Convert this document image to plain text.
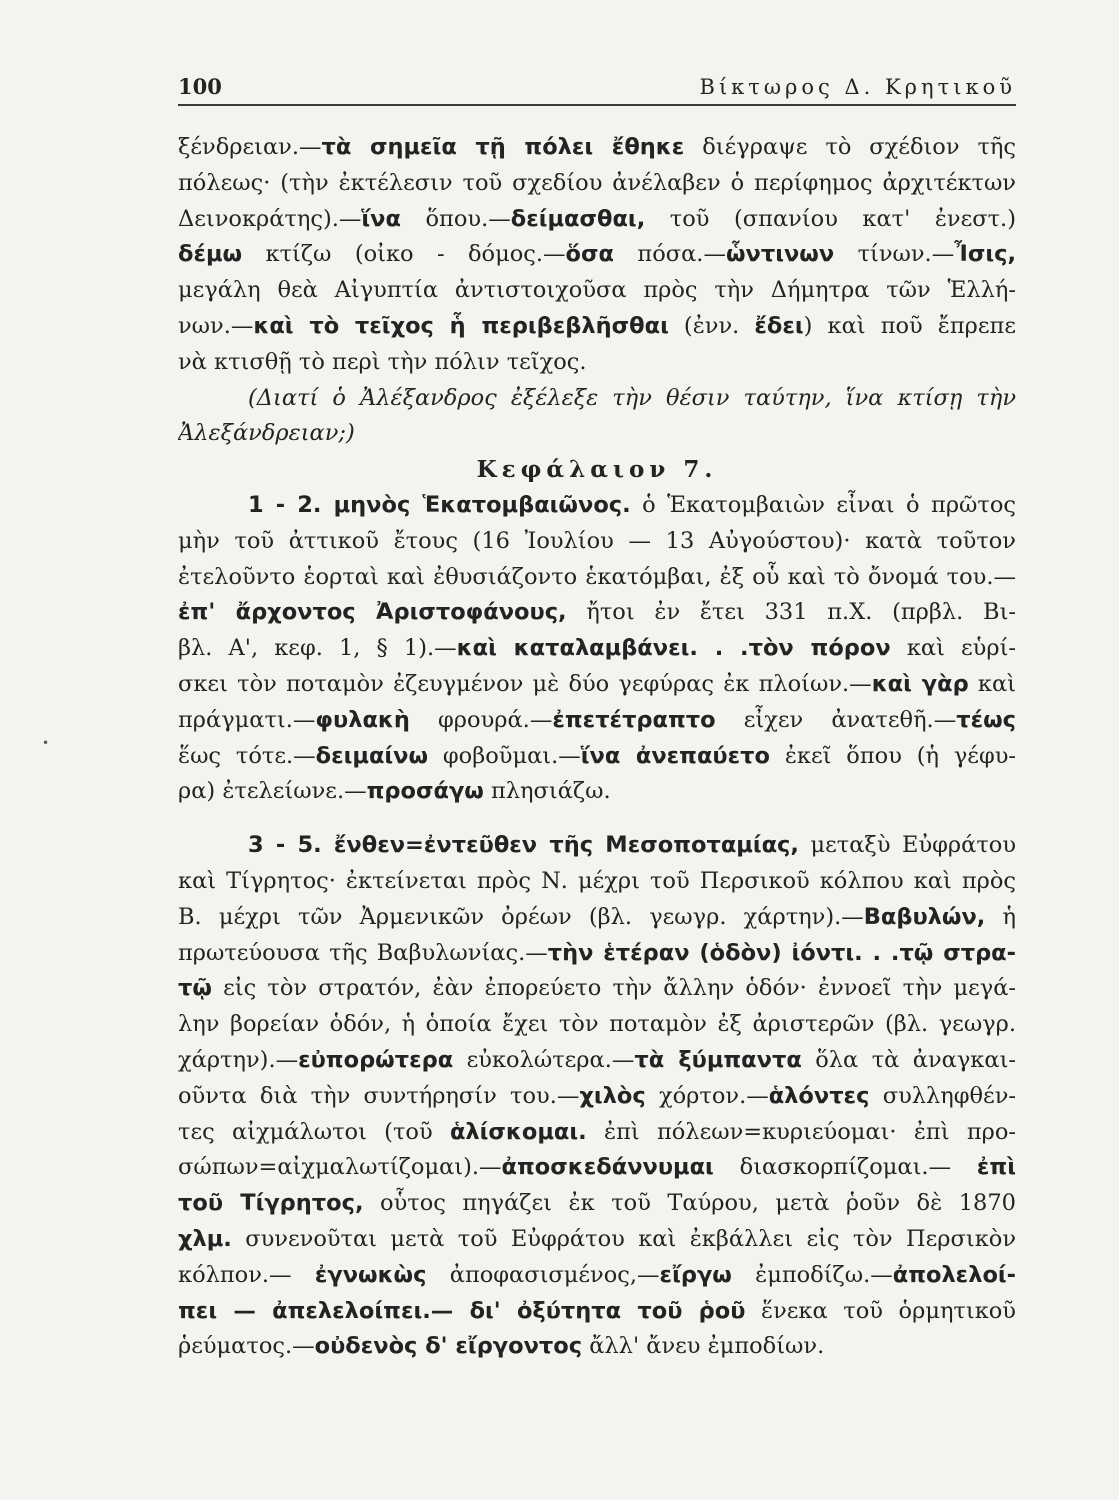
100	Βίκτωρος Δ. Κρητικοῦ
ξένδρειαν.—τὰ σημεῖα τῇ πόλει ἔθηκε διέγραψε τὸ σχέδιον τῆς
πόλεως· (τὴν ἐκτέλεσιν τοῦ σχεδίου ἀνέλαβεν ὁ περίφημος ἀρχιτέκτων
Δεινοκράτης).—ἵνα ὅπου.—δείμασθαι, τοῦ (σπανίου κατ' ἐνεστ.)
δέμω κτίζω (οἰκο - δόμος.—ὅσα πόσα.—ὧντινων τίνων.—Ἶσις,
μεγάλη θεὰ Αἰγυπτία ἀντιστοιχοῦσα πρὸς τὴν Δήμητρα τῶν Ἑλλή-
νων.—καὶ τὸ τεῖχος ἧ περιβεβλῆσθαι (ἐνν. ἔδει) καὶ ποῦ ἔπρεπε
νὰ κτισθῇ τὸ περὶ τὴν πόλιν τεῖχος.
(Διατί ὁ Ἀλέξανδρος ἐξέλεξε τὴν θέσιν ταύτην, ἵνα κτίσῃ τὴν
Ἀλεξάνδρειαν;)
Κεφάλαιον 7.
1 - 2. μηνὸς Ἑκατομβαιῶνος. ὁ Ἑκατομβαιὼν εἶναι ὁ πρῶτος
μὴν τοῦ ἀττικοῦ ἔτους (16 Ἰουλίου — 13 Αὐγούστου)· κατὰ τοῦτον
ἐτελοῦντο ἑορταὶ καὶ ἐθυσιάζοντο ἑκατόμβαι, ἐξ οὗ καὶ τὸ ὄνομά του.—
ἐπ' ἄρχοντος Ἀριστοφάνους, ἤτοι ἐν ἔτει 331 π.Χ. (πρβλ. Βι-
βλ. Α', κεφ. 1, § 1).—καὶ καταλαμβάνει. . .τὸν πόρον καὶ εὑρί-
σκει τὸν ποταμὸν ἐζευγμένον μὲ δύο γεφύρας ἐκ πλοίων.—καὶ γὰρ καὶ
πράγματι.—φυλακὴ φρουρά.—ἐπετέτραπτο εἶχεν ἀνατεθῆ.—τέως
ἕως τότε.—δειμαίνω φοβοῦμαι.—ἵνα ἀνεπαύετο ἐκεῖ ὅπου (ἡ γέφυ-
ρα) ἐτελείωνε.—προσάγω πλησιάζω.
3 - 5. ἔνθεν=ἐντεῦθεν τῆς Μεσοποταμίας, μεταξὺ Εὐφράτου
καὶ Τίγρητος· ἐκτείνεται πρὸς Ν. μέχρι τοῦ Περσικοῦ κόλπου καὶ πρὸς
Β. μέχρι τῶν Ἀρμενικῶν ὀρέων (βλ. γεωγρ. χάρτην).—Βαβυλών, ἡ
πρωτεύουσα τῆς Βαβυλωνίας.—τὴν ἑτέραν (ὁδὸν) ἰόντι. . .τῷ στρα-
τῷ εἰς τὸν στρατόν, ἐὰν ἐπορεύετο τὴν ἄλλην ὁδόν· ἐννοεῖ τὴν μεγά-
λην βορείαν ὁδόν, ἡ ὁποία ἔχει τὸν ποταμὸν ἐξ ἀριστερῶν (βλ. γεωγρ.
χάρτην).—εὐπορώτερα εὐκολώτερα.—τὰ ξύμπαντα ὅλα τὰ ἀναγκαι-
οῦντα διὰ τὴν συντήρησίν του.—χιλὸς χόρτον.—ἁλόντες συλληφθέν-
τες αἰχμάλωτοι (τοῦ ἁλίσκομαι. ἐπὶ πόλεων=κυριεύομαι· ἐπὶ προ-
σώπων=αἰχμαλωτίζομαι).—ἀποσκεδάννυμαι διασκορπίζομαι.— ἐπὶ
τοῦ Τίγρητος, οὗτος πηγάζει ἐκ τοῦ Ταύρου, μετὰ ῥοῦν δὲ 1870
χλμ. συνενοῦται μετὰ τοῦ Εὐφράτου καὶ ἐκβάλλει εἰς τὸν Περσικὸν
κόλπον.— ἐγνωκὼς ἀποφασισμένος,—εἴργω ἐμποδίζω.—ἀπολελοί-
πει — ἀπελελοίπει.— δι' ὀξύτητα τοῦ ῥοῦ ἕνεκα τοῦ ὁρμητικοῦ
ῥεύματος.—οὐδενὸς δ' εἴργοντος ἄλλ' ἄνευ ἐμποδίων.
•
